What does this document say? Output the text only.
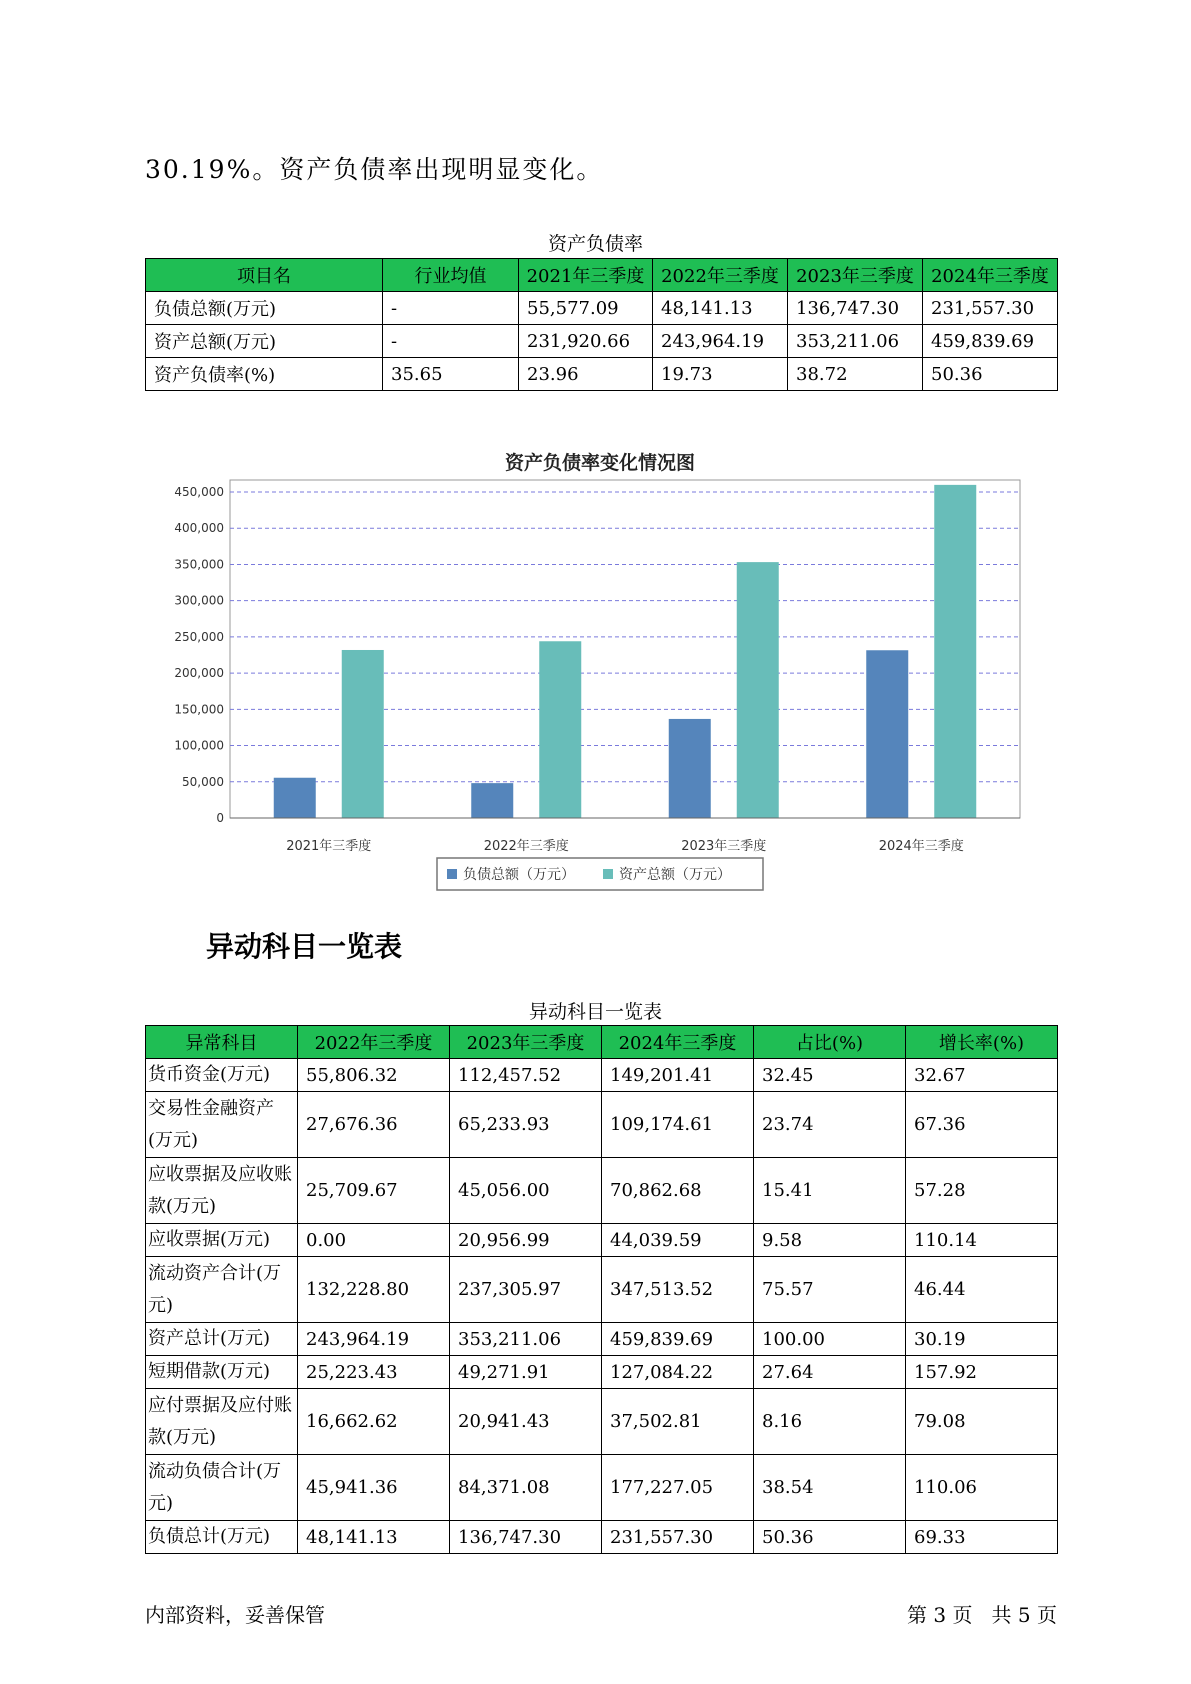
30.19%。资产负债率出现明显变化。
资产负债率
项目名	行业均值	2021年三季度	2022年三季度	2023年三季度	2024年三季度
负债总额(万元)	-	55,577.09	48,141.13	136,747.30	231,557.30
资产总额(万元)	-	231,920.66	243,964.19	353,211.06	459,839.69
资产负债率(%)	35.65	23.96	19.73	38.72	50.36
资产负债率变化情况图
0
50,000
100,000
150,000
200,000
250,000
300,000
350,000
400,000
450,000
2021年三季度	2022年三季度	2023年三季度	2024年三季度
负债总额（万元）	资产总额（万元）
异动科目一览表
异动科目一览表
异常科目	2022年三季度	2023年三季度	2024年三季度	占比(%)	增长率(%)
货币资金(万元)	55,806.32	112,457.52	149,201.41	32.45	32.67
交易性金融资产(万元)	27,676.36	65,233.93	109,174.61	23.74	67.36
应收票据及应收账款(万元)	25,709.67	45,056.00	70,862.68	15.41	57.28
应收票据(万元)	0.00	20,956.99	44,039.59	9.58	110.14
流动资产合计(万元)	132,228.80	237,305.97	347,513.52	75.57	46.44
资产总计(万元)	243,964.19	353,211.06	459,839.69	100.00	30.19
短期借款(万元)	25,223.43	49,271.91	127,084.22	27.64	157.92
应付票据及应付账款(万元)	16,662.62	20,941.43	37,502.81	8.16	79.08
流动负债合计(万元)	45,941.36	84,371.08	177,227.05	38.54	110.06
负债总计(万元)	48,141.13	136,747.30	231,557.30	50.36	69.33
内部资料，妥善保管	第 3 页   共 5 页
